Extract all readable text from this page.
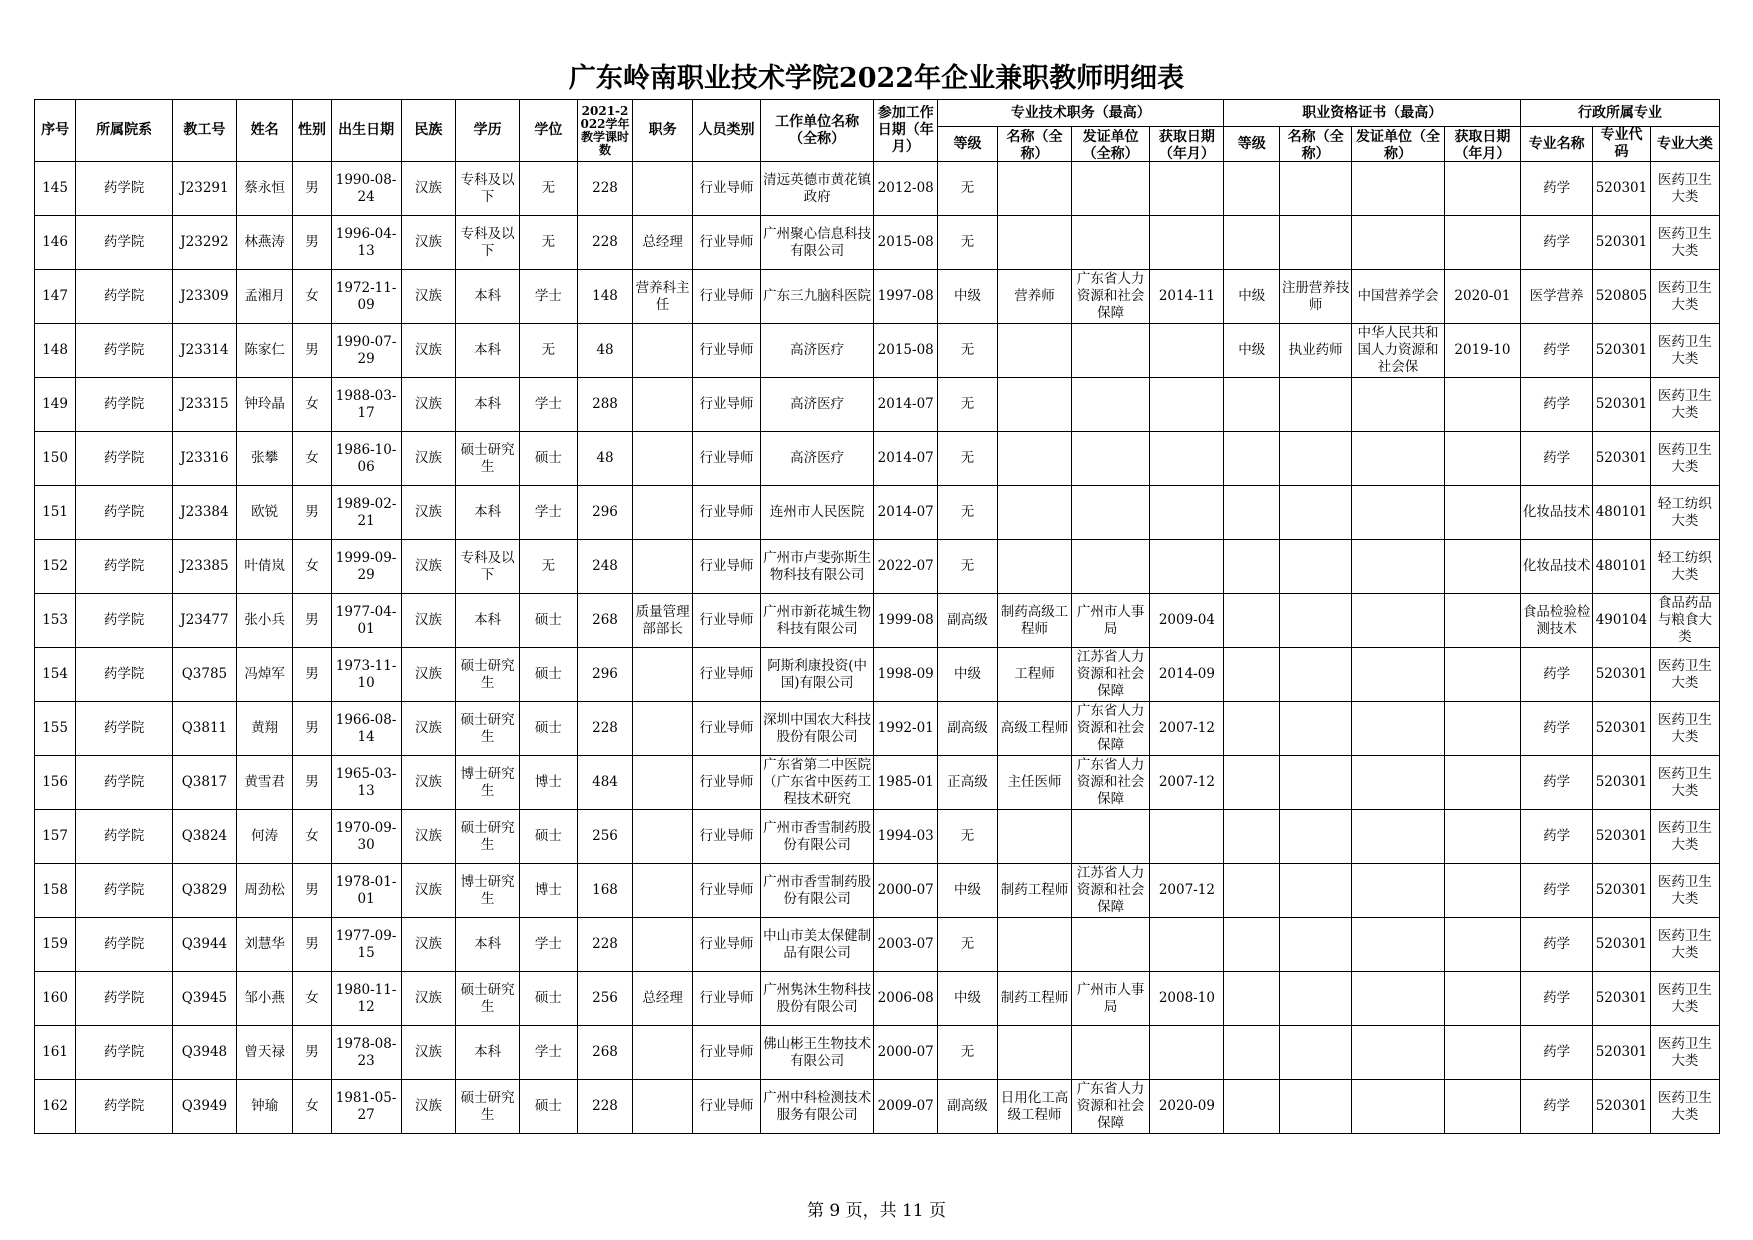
广东岭南职业技术学院2022年企业兼职教师明细表
序号	所属院系	教工号	姓名	性别	出生日期	民族	学历	学位	2021-2022学年教学课时数	职务	人员类别	工作单位名称（全称）	参加工作日期（年月）	专业技术职务（最高）				职业资格证书（最高）				行政所属专业		
														等级	名称（全称）	发证单位（全称）	获取日期（年月）	等级	名称（全称）	发证单位（全称）	获取日期（年月）	专业名称	专业代码	专业大类

145	药学院	J23291	蔡永恒	男	1990-08-24	汉族	专科及以下	无	228		行业导师	清远英德市黄花镇政府	2012-08	无								药学	520301	医药卫生大类

146	药学院	J23292	林燕涛	男	1996-04-13	汉族	专科及以下	无	228	总经理	行业导师	广州聚心信息科技有限公司	2015-08	无								药学	520301	医药卫生大类

147	药学院	J23309	孟湘月	女	1972-11-09	汉族	本科	学士	148	营养科主任	行业导师	广东三九脑科医院	1997-08	中级	营养师	广东省人力资源和社会保障	2014-11	中级	注册营养技师	中国营养学会	2020-01	医学营养	520805	医药卫生大类

148	药学院	J23314	陈家仁	男	1990-07-29	汉族	本科	无	48		行业导师	高济医疗	2015-08	无				中级	执业药师	中华人民共和国人力资源和社会保	2019-10	药学	520301	医药卫生大类

149	药学院	J23315	钟玲晶	女	1988-03-17	汉族	本科	学士	288		行业导师	高济医疗	2014-07	无								药学	520301	医药卫生大类

150	药学院	J23316	张攀	女	1986-10-06	汉族	硕士研究生	硕士	48		行业导师	高济医疗	2014-07	无								药学	520301	医药卫生大类

151	药学院	J23384	欧锐	男	1989-02-21	汉族	本科	学士	296		行业导师	连州市人民医院	2014-07	无								化妆品技术	480101	轻工纺织大类

152	药学院	J23385	叶倩岚	女	1999-09-29	汉族	专科及以下	无	248		行业导师	广州市卢斐弥斯生物科技有限公司	2022-07	无								化妆品技术	480101	轻工纺织大类

153	药学院	J23477	张小兵	男	1977-04-01	汉族	本科	硕士	268	质量管理部部长	行业导师	广州市新花城生物科技有限公司	1999-08	副高级	制药高级工程师	广州市人事局	2009-04					食品检验检测技术	490104	食品药品与粮食大类

154	药学院	Q3785	冯焯军	男	1973-11-10	汉族	硕士研究生	硕士	296		行业导师	阿斯利康投资(中国)有限公司	1998-09	中级	工程师	江苏省人力资源和社会保障	2014-09					药学	520301	医药卫生大类

155	药学院	Q3811	黄翔	男	1966-08-14	汉族	硕士研究生	硕士	228		行业导师	深圳中国农大科技股份有限公司	1992-01	副高级	高级工程师	广东省人力资源和社会保障	2007-12					药学	520301	医药卫生大类

156	药学院	Q3817	黄雪君	男	1965-03-13	汉族	博士研究生	博士	484		行业导师	广东省第二中医院（广东省中医药工程技术研究	1985-01	正高级	主任医师	广东省人力资源和社会保障	2007-12					药学	520301	医药卫生大类

157	药学院	Q3824	何涛	女	1970-09-30	汉族	硕士研究生	硕士	256		行业导师	广州市香雪制药股份有限公司	1994-03	无								药学	520301	医药卫生大类

158	药学院	Q3829	周劲松	男	1978-01-01	汉族	博士研究生	博士	168		行业导师	广州市香雪制药股份有限公司	2000-07	中级	制药工程师	江苏省人力资源和社会保障	2007-12					药学	520301	医药卫生大类

159	药学院	Q3944	刘慧华	男	1977-09-15	汉族	本科	学士	228		行业导师	中山市美太保健制品有限公司	2003-07	无								药学	520301	医药卫生大类

160	药学院	Q3945	邹小燕	女	1980-11-12	汉族	硕士研究生	硕士	256	总经理	行业导师	广州隽沐生物科技股份有限公司	2006-08	中级	制药工程师	广州市人事局	2008-10					药学	520301	医药卫生大类

161	药学院	Q3948	曾天禄	男	1978-08-23	汉族	本科	学士	268		行业导师	佛山彬王生物技术有限公司	2000-07	无								药学	520301	医药卫生大类

162	药学院	Q3949	钟瑜	女	1981-05-27	汉族	硕士研究生	硕士	228		行业导师	广州中科检测技术服务有限公司	2009-07	副高级	日用化工高级工程师	广东省人力资源和社会保障	2020-09					药学	520301	医药卫生大类
第 9 页，共 11 页
